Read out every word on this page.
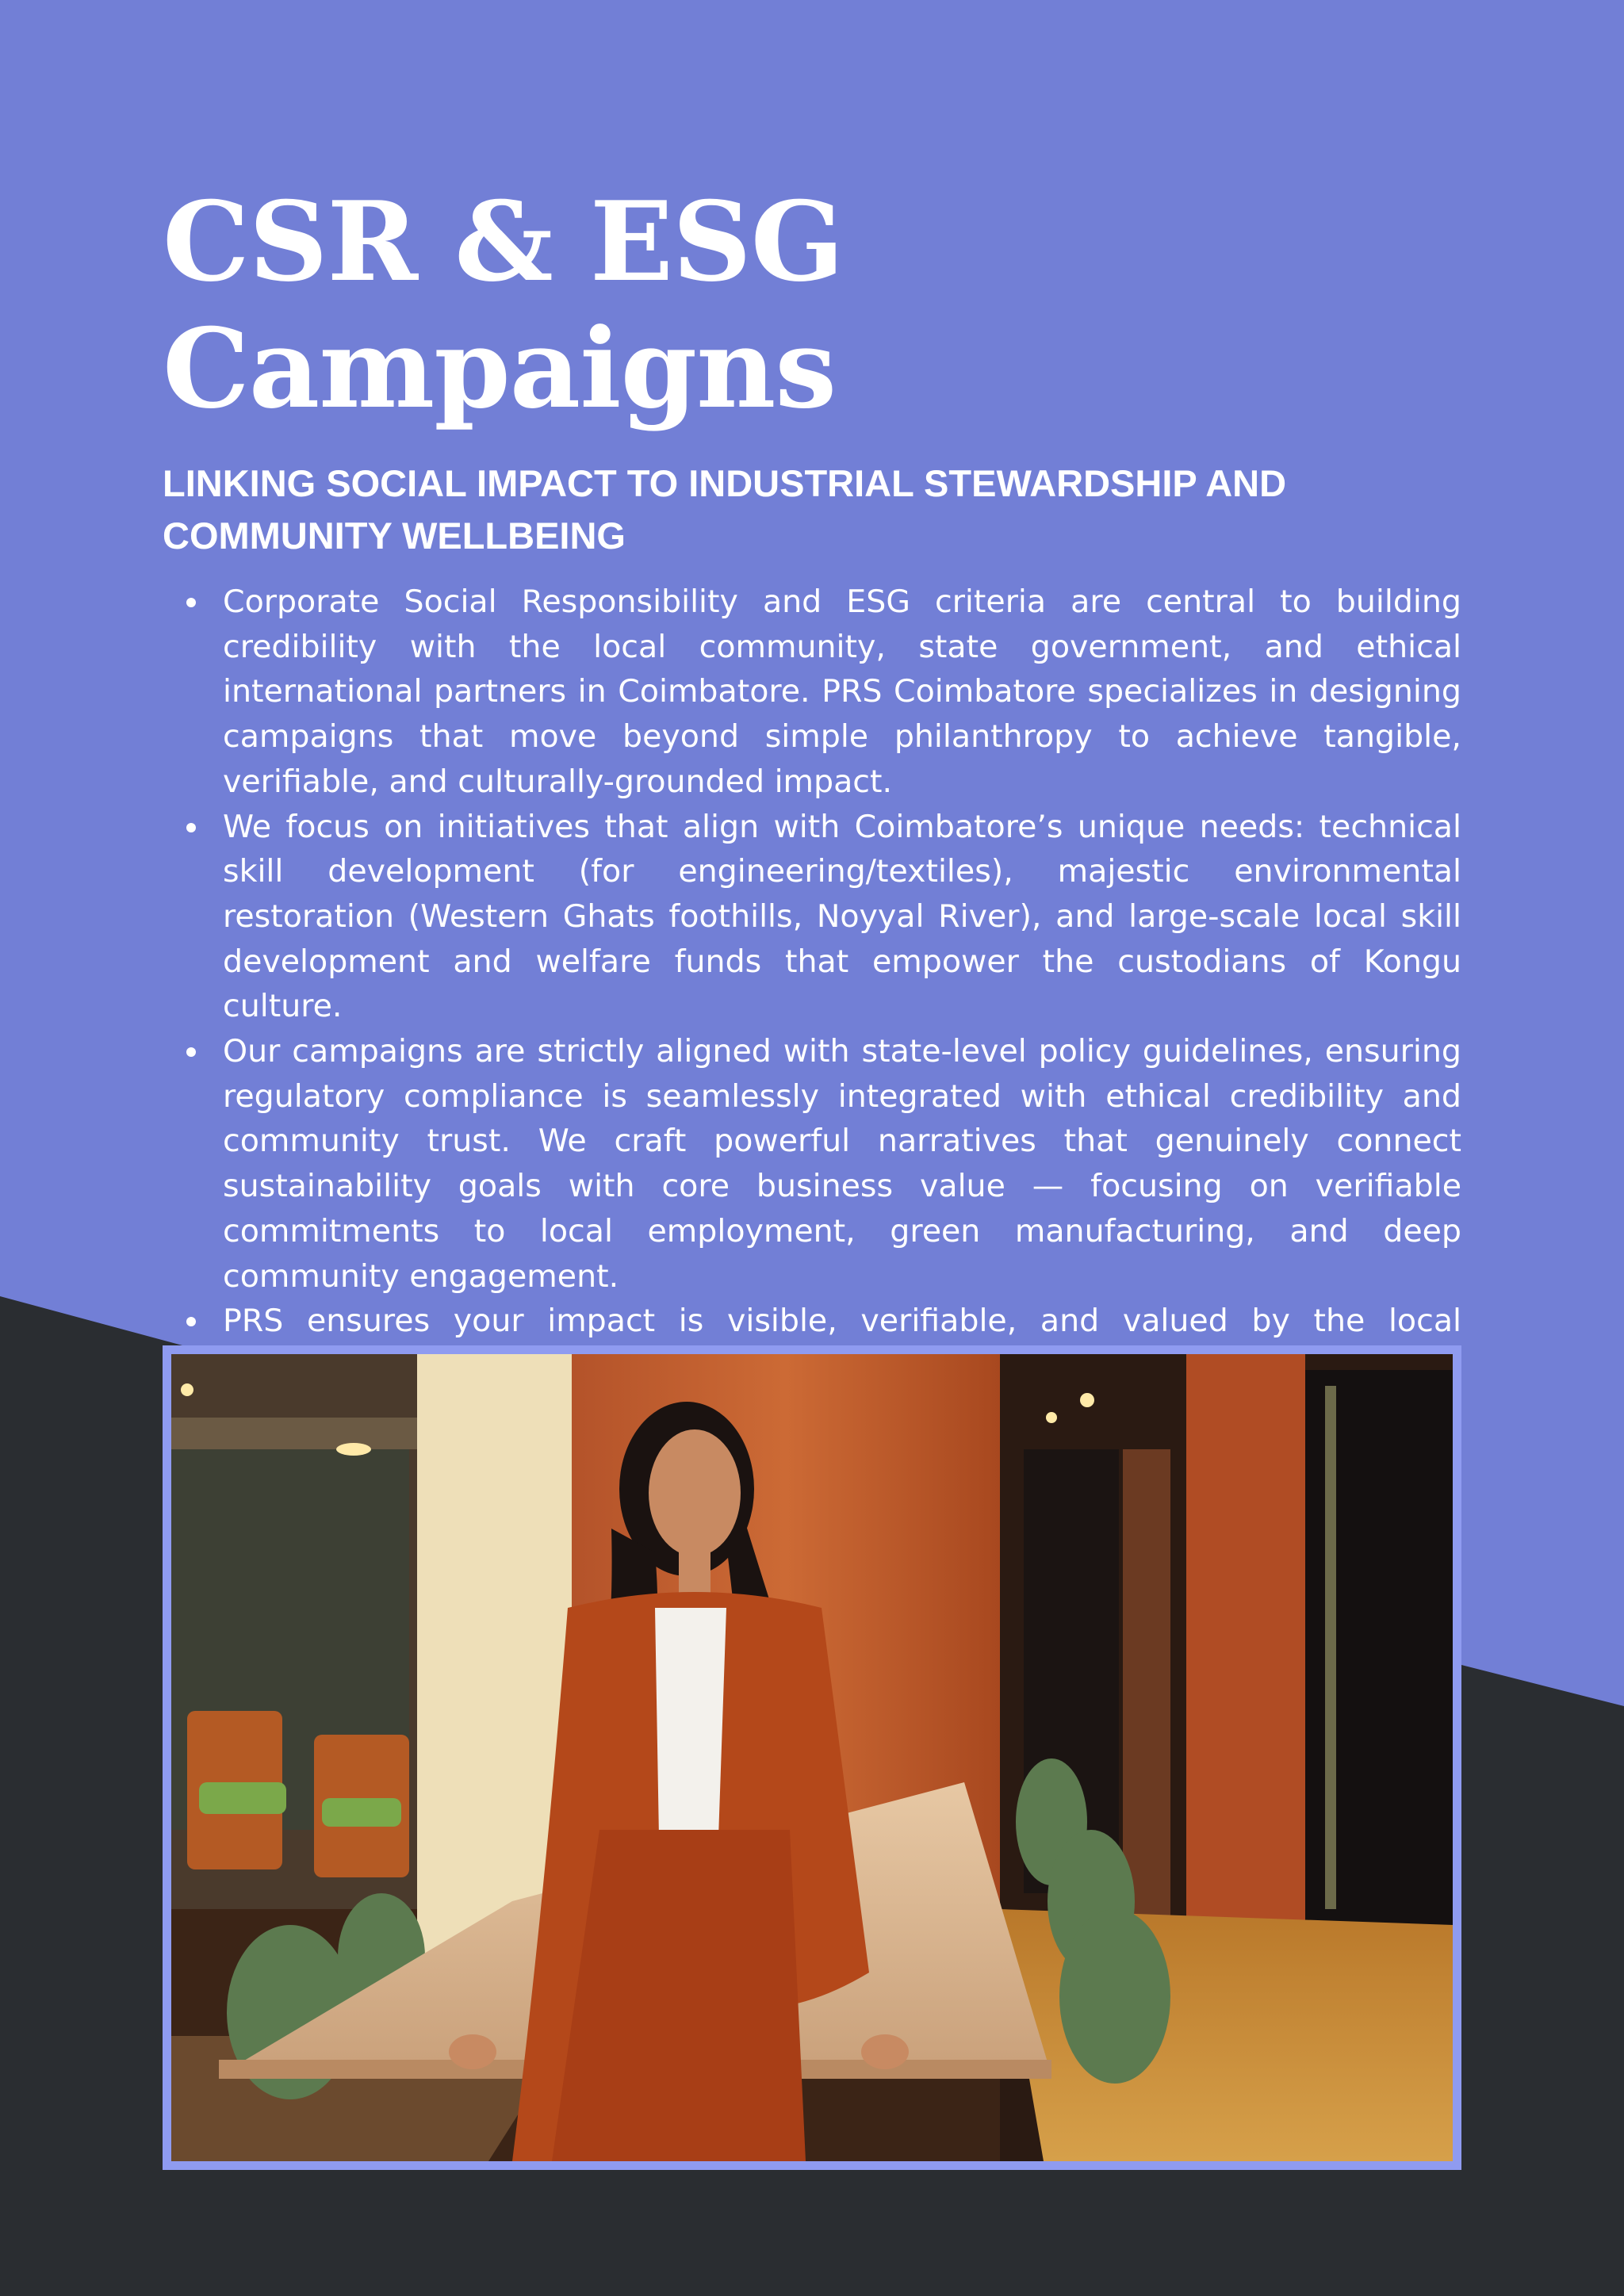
CSR & ESG Campaigns
LINKING SOCIAL IMPACT TO INDUSTRIAL STEWARDSHIP AND COMMUNITY WELLBEING
Corporate Social Responsibility and ESG criteria are central to building credibility with the local community, state government, and ethical international partners in Coimbatore. PRS Coimbatore specializes in designing campaigns that move beyond simple philanthropy to achieve tangible, verifiable, and culturally-grounded impact.
We focus on initiatives that align with Coimbatore’s unique needs: technical skill development (for engineering/textiles), majestic environmental restoration (Western Ghats foothills, Noyyal River), and large-scale local skill development and welfare funds that empower the custodians of Kongu culture.
Our campaigns are strictly aligned with state-level policy guidelines, ensuring regulatory compliance is seamlessly integrated with ethical credibility and community trust. We craft powerful narratives that genuinely connect sustainability goals with core business value — focusing on verifiable commitments to local employment, green manufacturing, and deep community engagement.
PRS ensures your impact is visible, verifiable, and valued by the local
